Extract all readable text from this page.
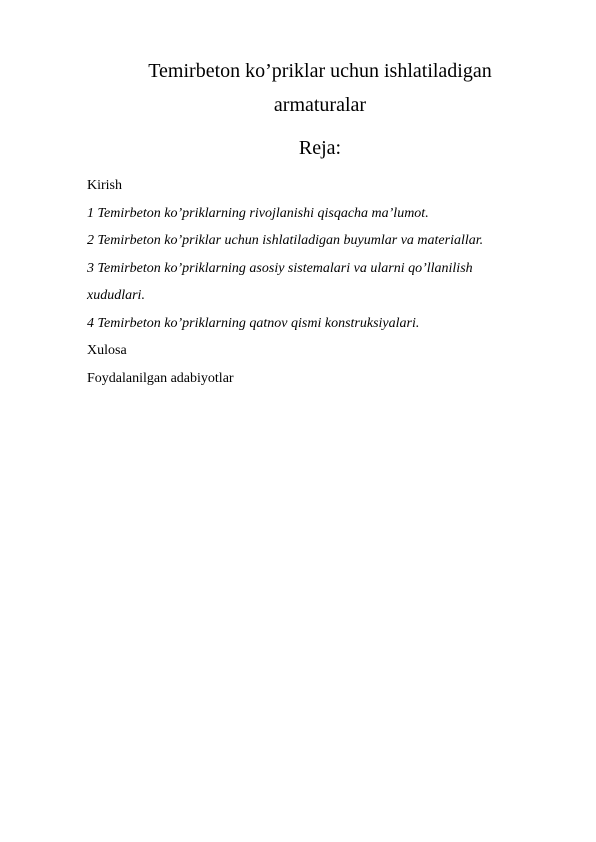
Temirbeton ko’priklar uchun ishlatiladigan
armaturalar
Reja:
Kirish
1 Temirbeton ko’priklarning rivojlanishi qisqacha ma’lumot.
2 Temirbeton ko’priklar uchun ishlatiladigan buyumlar va materiallar.
3 Temirbeton ko’priklarning asosiy sistemalari va ularni qo’llanilish
xududlari.
4 Temirbeton ko’priklarning qatnov qismi konstruksiyalari.
Xulosa
Foydalanilgan adabiyotlar
